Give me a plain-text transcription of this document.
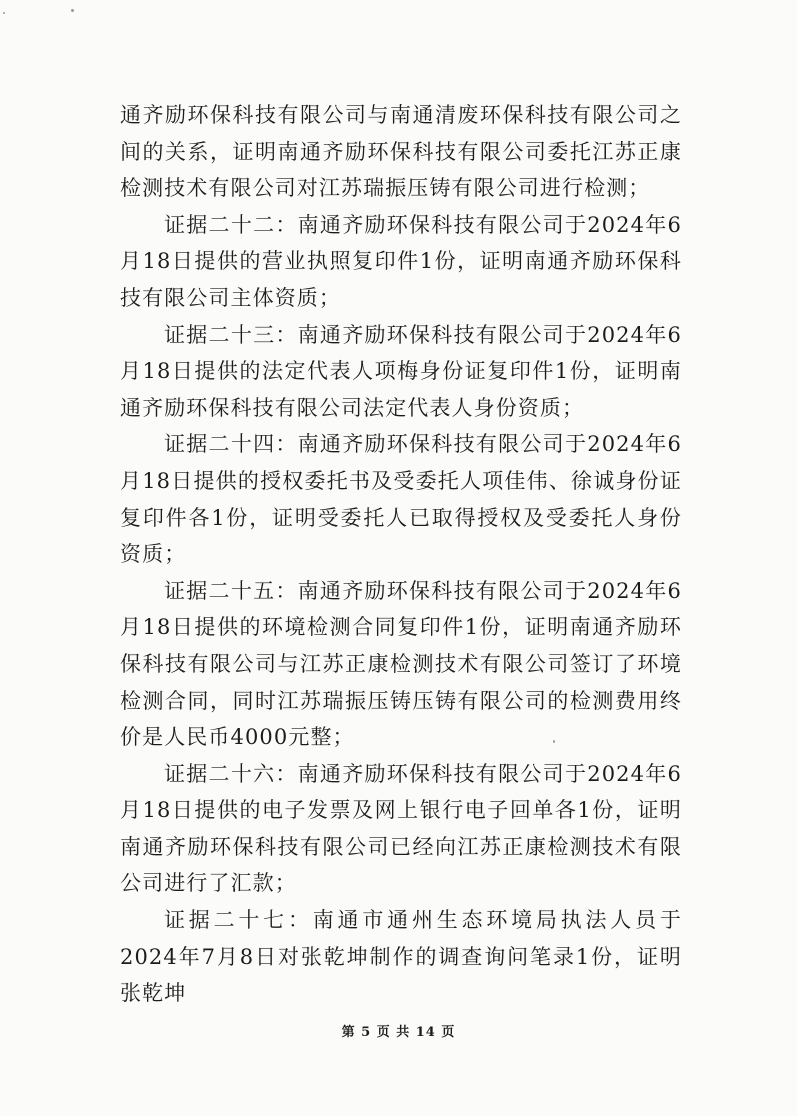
通齐励环保科技有限公司与南通清废环保科技有限公司之间的关系，证明南通齐励环保科技有限公司委托江苏正康检测技术有限公司对江苏瑞振压铸有限公司进行检测；

证据二十二：南通齐励环保科技有限公司于2024年6月18日提供的营业执照复印件1份，证明南通齐励环保科技有限公司主体资质；

证据二十三：南通齐励环保科技有限公司于2024年6月18日提供的法定代表人项梅身份证复印件1份，证明南通齐励环保科技有限公司法定代表人身份资质；

证据二十四：南通齐励环保科技有限公司于2024年6月18日提供的授权委托书及受委托人项佳伟、徐诚身份证复印件各1份，证明受委托人已取得授权及受委托人身份资质；

证据二十五：南通齐励环保科技有限公司于2024年6月18日提供的环境检测合同复印件1份，证明南通齐励环保科技有限公司与江苏正康检测技术有限公司签订了环境检测合同，同时江苏瑞振压铸压铸有限公司的检测费用终价是人民币4000元整；

证据二十六：南通齐励环保科技有限公司于2024年6月18日提供的电子发票及网上银行电子回单各1份，证明南通齐励环保科技有限公司已经向江苏正康检测技术有限公司进行了汇款；

证据二十七：南通市通州生态环境局执法人员于2024年7月8日对张乾坤制作的调查询问笔录1份，证明张乾坤

第 5 页 共 14 页
